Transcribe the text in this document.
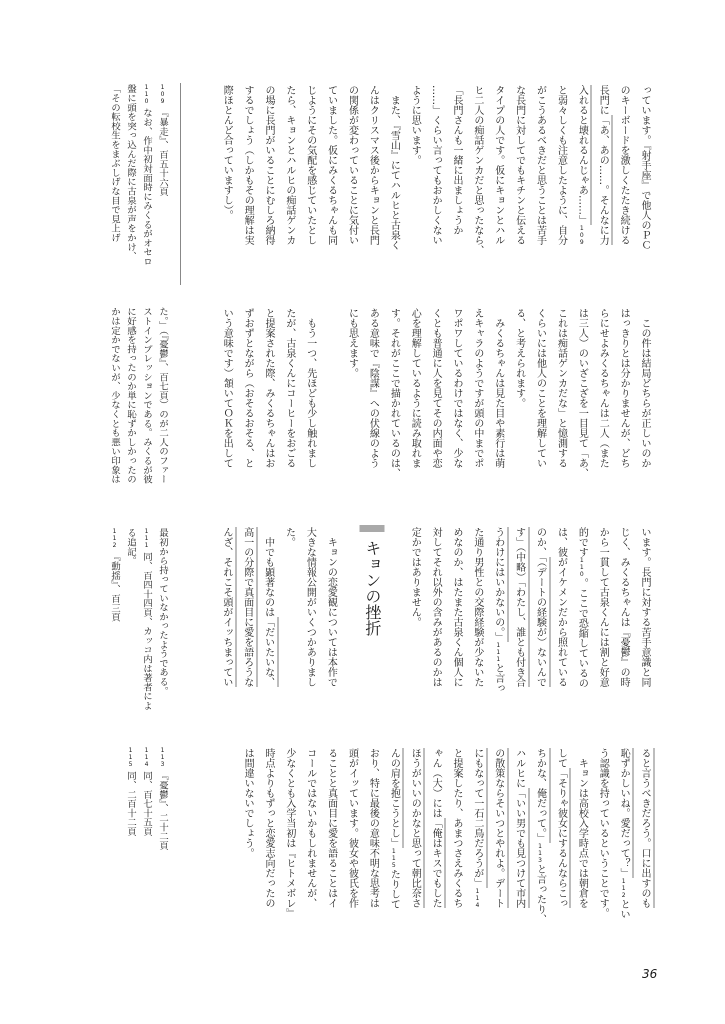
っています。『射手座』で他人のＰＣ
のキーボードを激しくたたき続ける
長門に「あ、あの……。そんなに力
入れると壊れるんじゃあ……」109
と弱々しくも注意したように、自分
がこうあるべきだと思うことは苦手
な長門に対してでもキチンと伝える
タイプの人です。仮にキョンとハル
ヒ二人の痴話ゲンカだと思ったなら、
「長門さんも一緒に出ましょうか
……」くらい言ってもおかしくない
ように思います。
　また、『雪山』にてハルヒと古泉く
んはクリスマス後からキョンと長門
の関係が変わっていることに気付い
ていました。仮にみくるちゃんも同
じようにその気配を感じていたとし
たら、キョンとハルヒの痴話ゲンカ
の場に長門がいることにむしろ納得
するでしょう（しかもその理解は実
際ほとんど合っていますし）。
　この件は結局どちらが正しいのか
はっきりとは分かりませんが、どち
らにせよみくるちゃんは二人（また
は三人）のいざこざを一目見て「あ、
これは痴話ゲンカだな」と憶測する
くらいには他人のことを理解してい
る、と考えられます。
　みくるちゃんは見た目や素行は萌
えキャラのようですが頭の中までポ
ワポワしているわけではなく、少な
くとも普通に人を見てその内面や恋
心を理解しているように読み取れま
す。それがここで描かれているのは、
ある意味で『陰謀』への伏線のよう
にも思えます。
　もう一つ、先ほども少し触れまし
たが、古泉くんにコーヒーをおごる
と提案された際、みくるちゃんはお
ずおずとながら（おそるおそる、と
いう意味です）頷いてＯＫを出して
います。長門に対する苦手意識と同
じく、みくるちゃんは『憂鬱』の時
から一貫して古泉くんには割と好意
的です110。ここで恐縮しているの
は、彼がイケメンだから照れている
のか、「（デートの経験が）ないんで
す」（中略）「わたし、誰とも付き合
うわけにはいかないの。」111と言っ
た通り男性との交際経験が少ないた
めなのか、はたまた古泉くん個人に
対してそれ以外の含みがあるのかは
定かではありません。
キョンの挫折
　キョンの恋愛観については本作で
大きな情報公開がいくつかありまし
た。
　中でも顕著なのは「だいたいな、
高一の分際で真面目に愛を語ろうな
んざ、それこそ頭がイッちまってい
ると言うべきだろう。口に出すのも
恥ずかしいね。愛だって？」112とい
う認識を持っているということです。
　キョンは高校入学時点では朝倉を
して「そりゃ彼女にするんならこっ
ちかな、俺だって。」113と言ったり、
ハルヒに「いい男でも見つけて市内
の散策ならそいつとやれよ。デート
にもなって一石二鳥だろうが」114
と提案したり、あまつさえみくるち
ゃん（大）には「俺はキスでもした
ほうがいいのかなと思って朝比奈さ
んの肩を抱こうとし」115たりして
おり、特に最後の意味不明な思考は
頭がイッています。彼女や彼氏を作
ることと真面目に愛を語ることはイ
コールではないかもしれませんが、
少なくとも入学当初は『ヒトメボレ』
時点よりもずっと恋愛志向だったの
は間違いないでしょう。
109『暴走』、百五十六頁
110なお、作中初対面時にみくるがオセロ
盤に頭を突っ込んだ際に古泉が声をかけ、
「その転校生をまぶしげな目で見上げ
た。」（『憂鬱』、百七頁）のが二人のファー
ストインプレッションである。みくるが彼
に好感を持ったのか単に恥ずかしかったの
かは定かでないが、少なくとも悪い印象は
最初から持っていなかったようである。
111同、百四十四頁、カッコ内は著者によ
る追記。
112『動揺』、百三頁
113『憂鬱』、二十二頁
114同、百七十五頁
115同、二百十二頁
36
